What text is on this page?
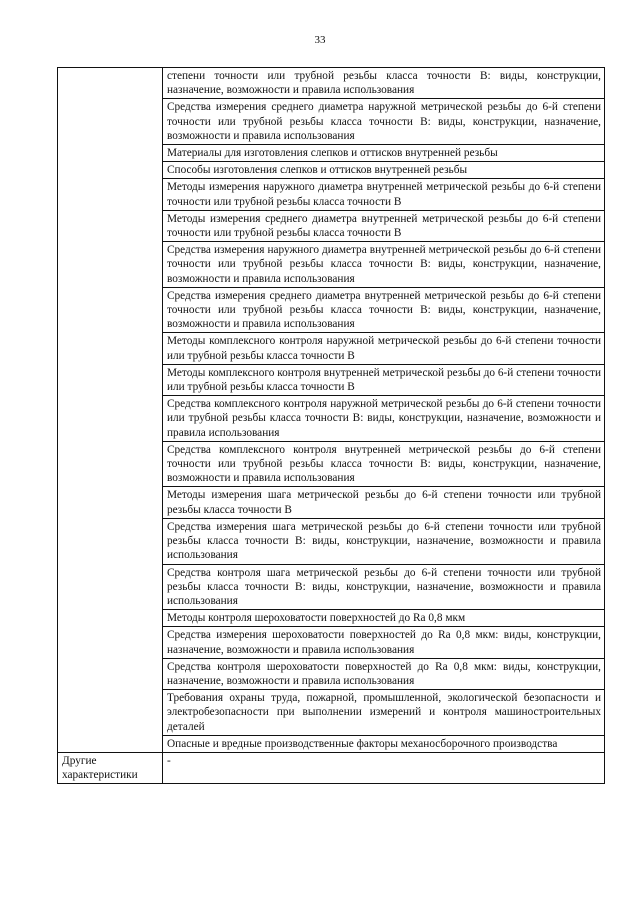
33
	степени точности или трубной резьбы класса точности В: виды, конструкции, назначение, возможности и правила использования
	Средства измерения среднего диаметра наружной метрической резьбы до 6-й степени точности или трубной резьбы класса точности В: виды, конструкции, назначение, возможности и правила использования
	Материалы для изготовления слепков и оттисков внутренней резьбы
	Способы изготовления слепков и оттисков внутренней резьбы
	Методы измерения наружного диаметра внутренней метрической резьбы до 6-й степени точности или трубной резьбы класса точности В
	Методы измерения среднего диаметра внутренней метрической резьбы до 6-й степени точности или трубной резьбы класса точности В
	Средства измерения наружного диаметра внутренней метрической резьбы до 6-й степени точности или трубной резьбы класса точности В: виды, конструкции, назначение, возможности и правила использования
	Средства измерения среднего диаметра внутренней метрической резьбы до 6-й степени точности или трубной резьбы класса точности В: виды, конструкции, назначение, возможности и правила использования
	Методы комплексного контроля наружной метрической резьбы до 6-й степени точности или трубной резьбы класса точности В
	Методы комплексного контроля внутренней метрической резьбы до 6-й степени точности или трубной резьбы класса точности В
	Средства комплексного контроля наружной метрической резьбы до 6-й степени точности или трубной резьбы класса точности В: виды, конструкции, назначение, возможности и правила использования
	Средства комплексного контроля внутренней метрической резьбы до 6-й степени точности или трубной резьбы класса точности В: виды, конструкции, назначение, возможности и правила использования
	Методы измерения шага метрической резьбы до 6-й степени точности или трубной резьбы класса точности В
	Средства измерения шага метрической резьбы до 6-й степени точности или трубной резьбы класса точности В: виды, конструкции, назначение, возможности и правила использования
	Средства контроля шага метрической резьбы до 6-й степени точности или трубной резьбы класса точности В: виды, конструкции, назначение, возможности и правила использования
	Методы контроля шероховатости поверхностей до Ra 0,8 мкм
	Средства измерения шероховатости поверхностей до Ra 0,8 мкм: виды, конструкции, назначение, возможности и правила использования
	Средства контроля шероховатости поверхностей до Ra 0,8 мкм: виды, конструкции, назначение, возможности и правила использования
	Требования охраны труда, пожарной, промышленной, экологической безопасности и электробезопасности при выполнении измерений и контроля машиностроительных деталей
	Опасные и вредные производственные факторы механосборочного производства
Другие характеристики	-
